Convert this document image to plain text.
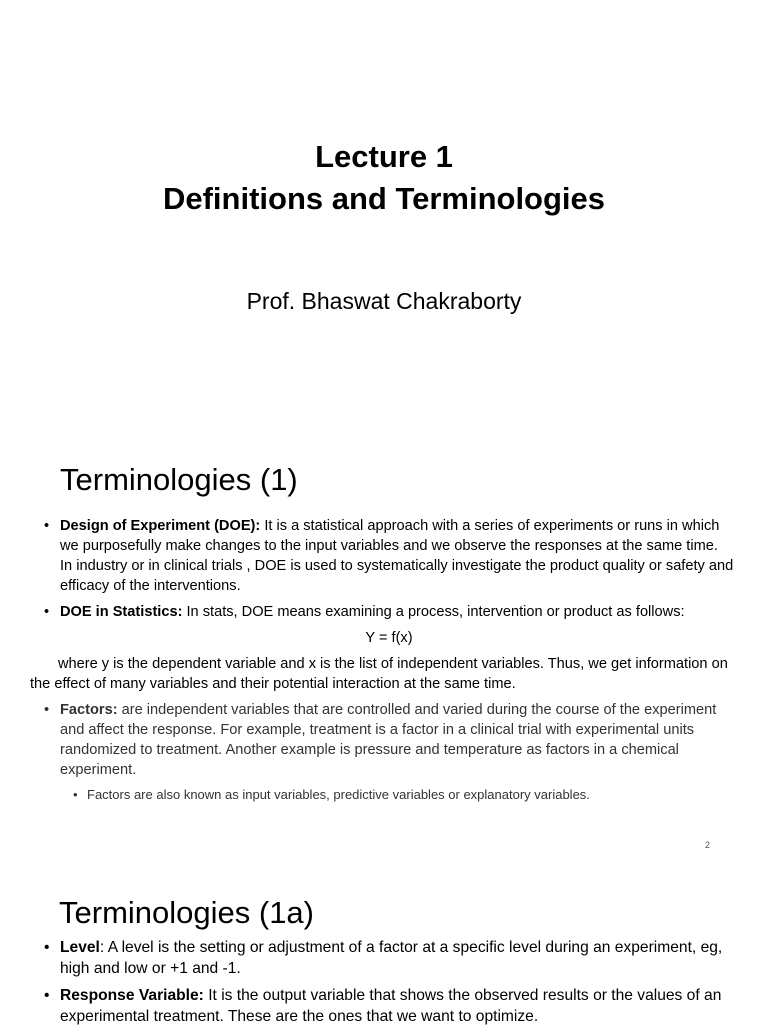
Lecture 1
Definitions and Terminologies
Prof. Bhaswat Chakraborty
Terminologies (1)
• Design of Experiment (DOE): It is a statistical approach with a series of experiments or runs in which we purposefully make changes to the input variables and we observe the responses at the same time. In industry or in clinical trials , DOE is used to systematically investigate the product quality or safety and efficacy of the interventions.
• DOE in Statistics: In stats, DOE means examining a process, intervention or product as follows:
Y = f(x)
where y is the dependent variable and x is the list of independent variables. Thus, we get information on the effect of many variables and their potential interaction at the same time.
• Factors: are independent variables that are controlled and varied during the course of the experiment and affect the response. For example, treatment is a factor in a clinical trial with experimental units randomized to treatment. Another example is pressure and temperature as factors in a chemical experiment.
• Factors are also known as input variables, predictive variables or explanatory variables.
2
Terminologies (1a)
• Level: A level is the setting or adjustment of a factor at a specific level during an experiment, eg, high and low or +1 and -1.
• Response Variable: It is the output variable that shows the observed results or the values of an experimental treatment. These are the ones that we want to optimize.
